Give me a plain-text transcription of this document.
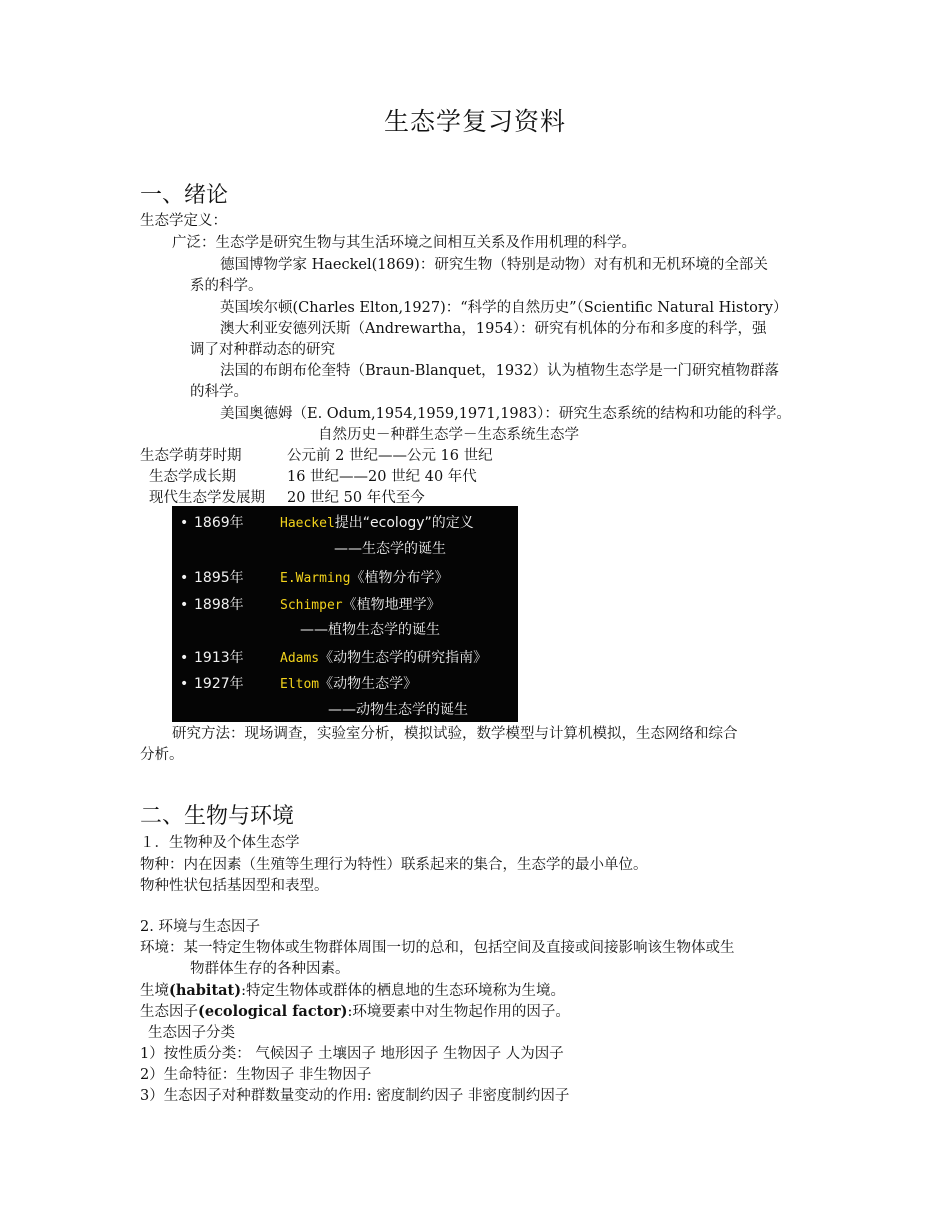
生态学复习资料
一、绪论
生态学定义：
广泛：生态学是研究生物与其生活环境之间相互关系及作用机理的科学。
德国博物学家 Haeckel(1869)：研究生物（特别是动物）对有机和无机环境的全部关
系的科学。
英国埃尔顿(Charles Elton,1927)：“科学的自然历史”（Scientific Natural History）
澳大利亚安德列沃斯（Andrewartha，1954）：研究有机体的分布和多度的科学，强
调了对种群动态的研究
法国的布朗布伦奎特（Braun-Blanquet，1932）认为植物生态学是一门研究植物群落
的科学。
美国奥德姆（E. Odum,1954,1959,1971,1983）：研究生态系统的结构和功能的科学。
自然历史－种群生态学－生态系统生态学
生态学萌芽时期	公元前 2 世纪——公元 16 世纪
生态学成长期	16 世纪——20 世纪 40 年代
现代生态学发展期 20 世纪 50 年代至今
• 1869年	Haeckel提出“ecology”的定义
——生态学的诞生
• 1895年	E.Warming《植物分布学》
• 1898年	Schimper《植物地理学》
——植物生态学的诞生
• 1913年	Adams《动物生态学的研究指南》
• 1927年	Eltom《动物生态学》
——动物生态学的诞生
研究方法：现场调查，实验室分析，模拟试验，数学模型与计算机模拟，生态网络和综合
分析。
二、生物与环境
１．生物种及个体生态学
物种：内在因素（生殖等生理行为特性）联系起来的集合，生态学的最小单位。
物种性状包括基因型和表型。
2. 环境与生态因子
环境：某一特定生物体或生物群体周围一切的总和，包括空间及直接或间接影响该生物体或生
物群体生存的各种因素。
生境(habitat):特定生物体或群体的栖息地的生态环境称为生境。
生态因子(ecological factor):环境要素中对生物起作用的因子。
生态因子分类
1）按性质分类： 气候因子 土壤因子 地形因子 生物因子 人为因子
2）生命特征：生物因子 非生物因子
3）生态因子对种群数量变动的作用: 密度制约因子 非密度制约因子
